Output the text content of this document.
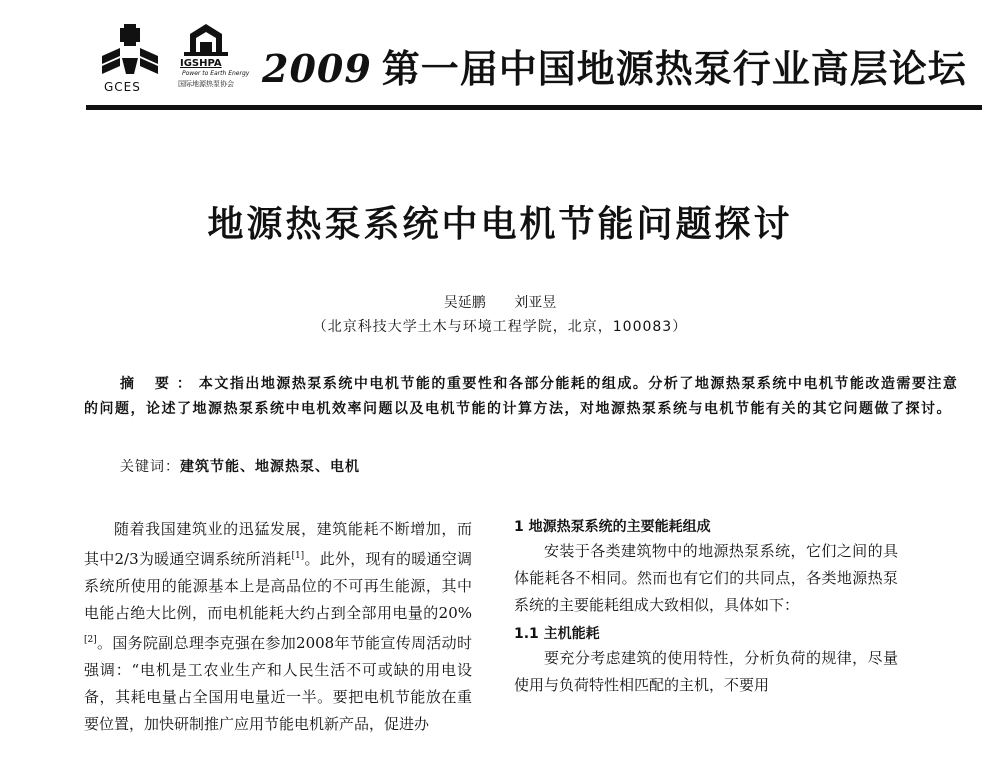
GCES
IGSHPA
Power to Earth Energy
国际地源热泵协会 2009 第一届中国地源热泵行业高层论坛
地源热泵系统中电机节能问题探讨
吴延鹏 刘亚昱
（北京科技大学土木与环境工程学院，北京，100083）
摘 要：本文指出地源热泵系统中电机节能的重要性和各部分能耗的组成。分析了地源热泵系统中电机节能改造需要注意的问题，论述了地源热泵系统中电机效率问题以及电机节能的计算方法，对地源热泵系统与电机节能有关的其它问题做了探讨。
关键词：建筑节能、地源热泵、电机

随着我国建筑业的迅猛发展，建筑能耗不断增加，而其中2/3为暖通空调系统所消耗[1]。此外，现有的暖通空调系统所使用的能源基本上是高品位的不可再生能源，其中电能占绝大比例，而电机能耗大约占到全部用电量的20%[2]。国务院副总理李克强在参加2008年节能宣传周活动时强调：“电机是工农业生产和人民生活不可或缺的用电设备，其耗电量占全国用电量近一半。要把电机节能放在重要位置，加快研制推广应用节能电机新产品，促进办

1 地源热泵系统的主要能耗组成

安装于各类建筑物中的地源热泵系统，它们之间的具体能耗各不相同。然而也有它们的共同点，各类地源热泵系统的主要能耗组成大致相似，具体如下：

1.1 主机能耗

要充分考虑建筑的使用特性，分析负荷的规律，尽量使用与负荷特性相匹配的主机，不要用
